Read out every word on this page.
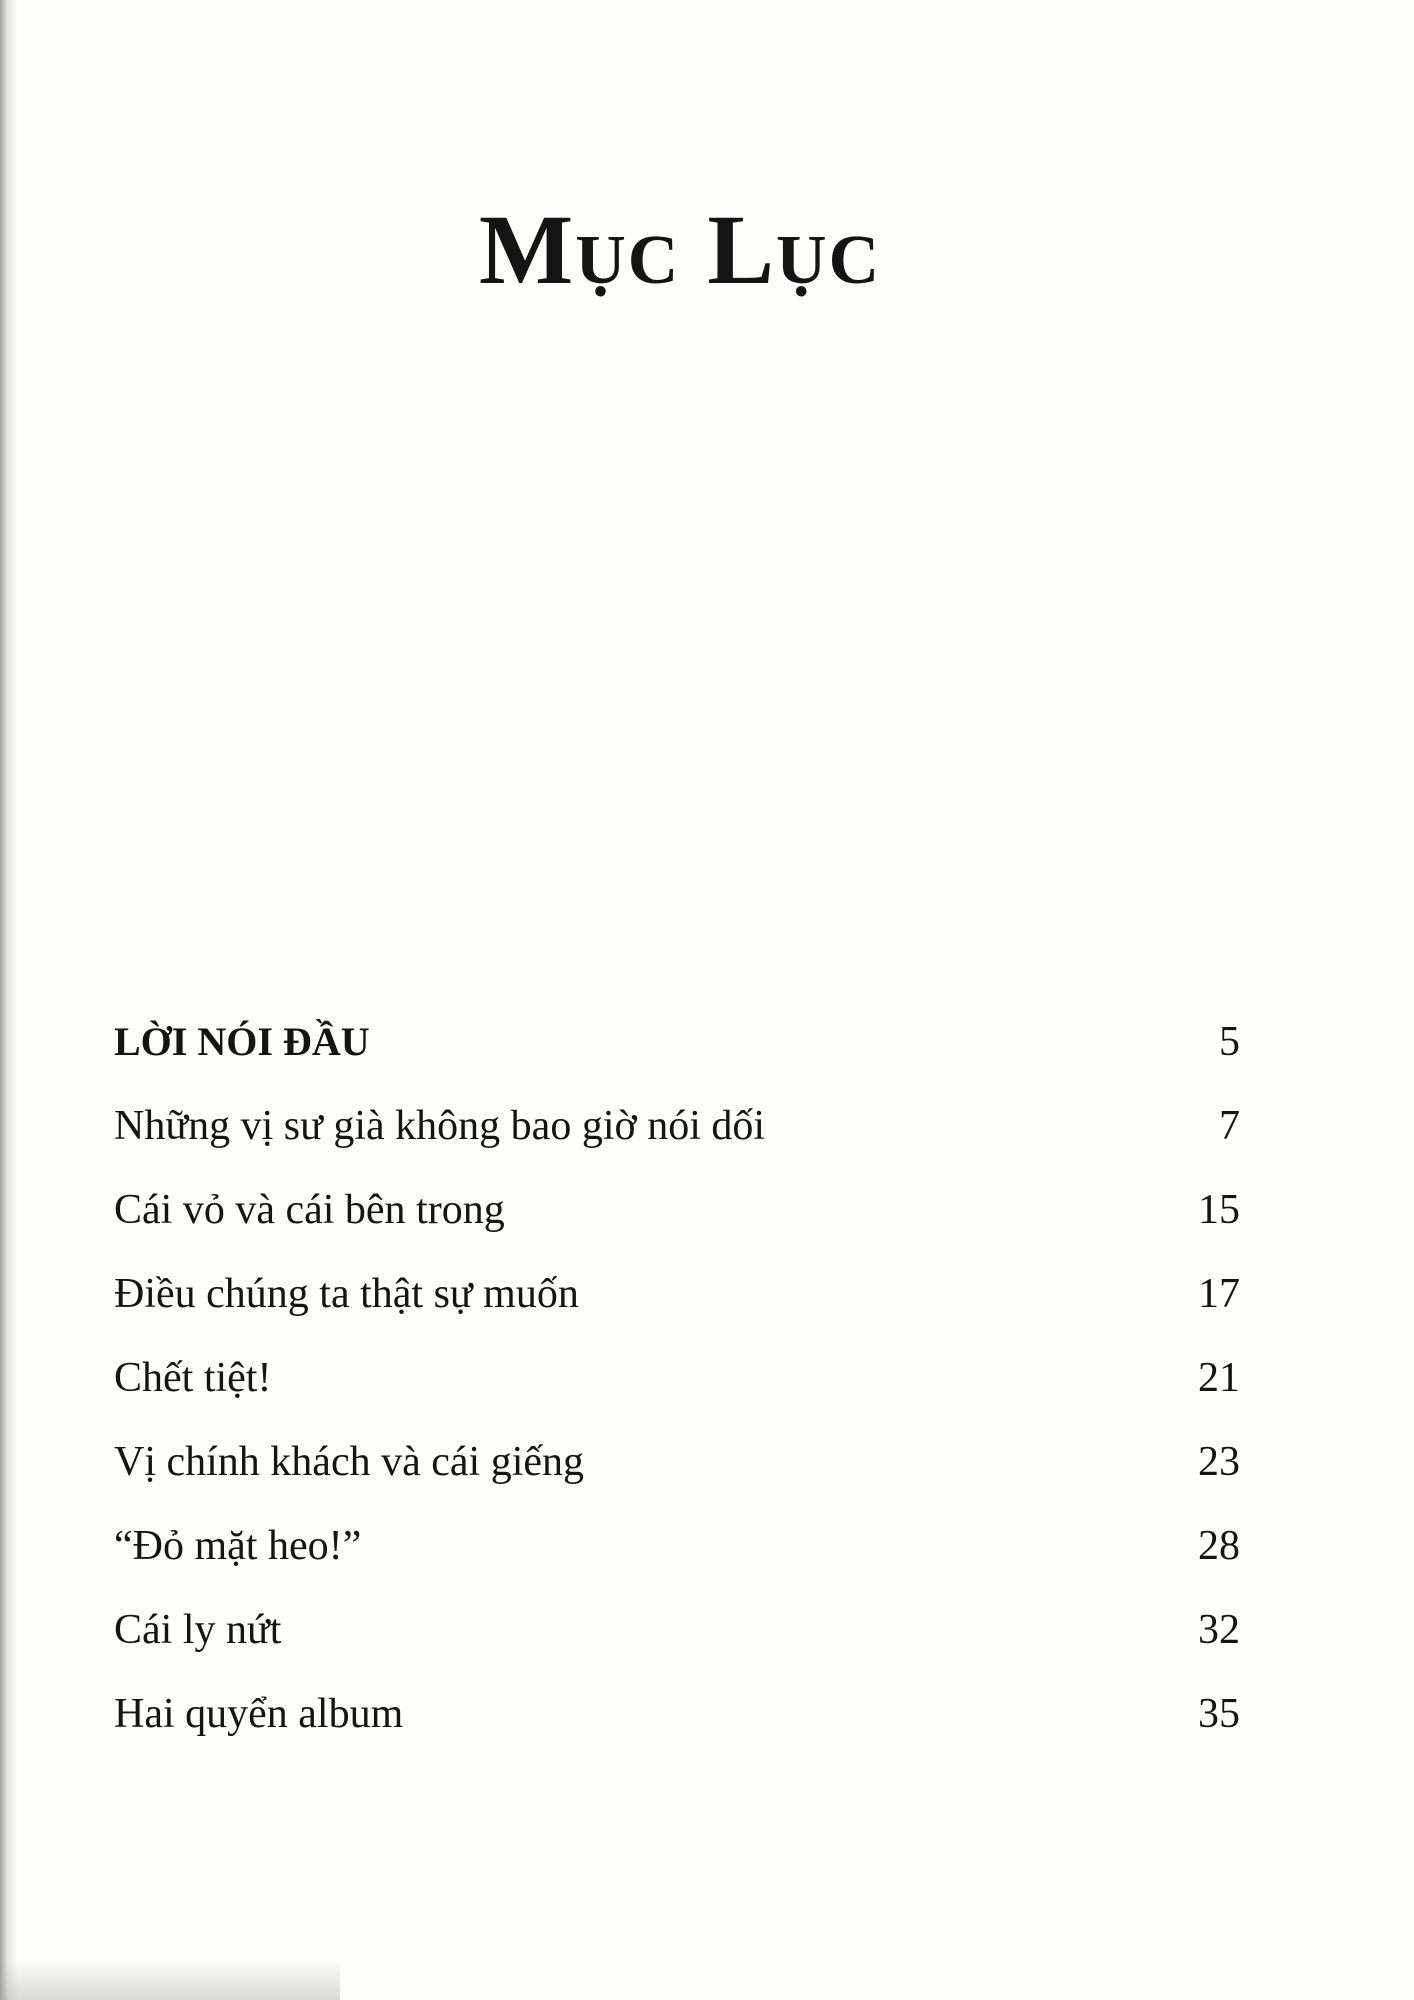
Mục Lục
LỜI NÓI ĐẦU	5
Những vị sư già không bao giờ nói dối	7
Cái vỏ và cái bên trong	15
Điều chúng ta thật sự muốn	17
Chết tiệt!	21
Vị chính khách và cái giếng	23
“Đỏ mặt heo!”	28
Cái ly nứt	32
Hai quyển album	35
